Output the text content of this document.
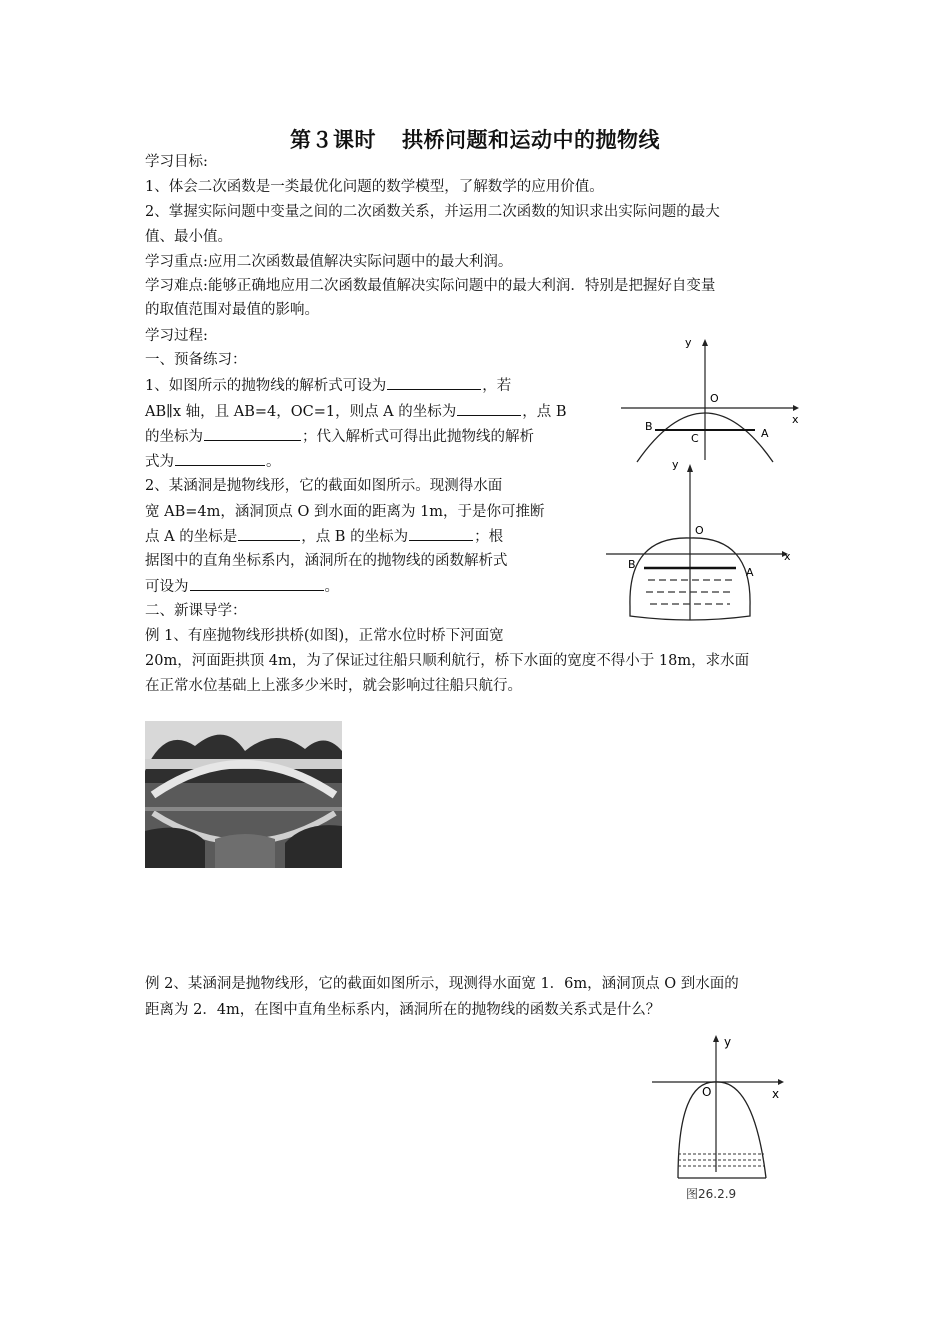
第３课时 拱桥问题和运动中的抛物线
学习目标:
1、体会二次函数是一类最优化问题的数学模型，了解数学的应用价值。
2、掌握实际问题中变量之间的二次函数关系，并运用二次函数的知识求出实际问题的最大
值、最小值。
学习重点:应用二次函数最值解决实际问题中的最大利润。
学习难点:能够正确地应用二次函数最值解决实际问题中的最大利润．特别是把握好自变量
的取值范围对最值的影响。
学习过程:
一、预备练习：
1、如图所示的抛物线的解析式可设为	，若
AB∥x 轴，且 AB=4，OC=1，则点 A 的坐标为	，点 B
的坐标为	；代入解析式可得出此抛物线的解析
式为	。
2、某涵洞是抛物线形，它的截面如图所示。现测得水面
宽 AB=4m，涵洞顶点 O 到水面的距离为 1m，于是你可推断
点 A 的坐标是	，点 B 的坐标为	；根
据图中的直角坐标系内，涵洞所在的抛物线的函数解析式
可设为	。
二、新课导学：
例 1、有座抛物线形拱桥(如图)，正常水位时桥下河面宽
20m，河面距拱顶 4m，为了保证过往船只顺利航行，桥下水面的宽度不得小于 18m，求水面
在正常水位基础上上涨多少米时，就会影响过往船只航行。
y
x
O
B
C	A
y
x
O
B
A
例 2、某涵洞是抛物线形，它的截面如图所示，现测得水面宽 1．6m，涵洞顶点 O 到水面的
距离为 2．4m，在图中直角坐标系内，涵洞所在的抛物线的函数关系式是什么？
y
x
O
图26.2.9
